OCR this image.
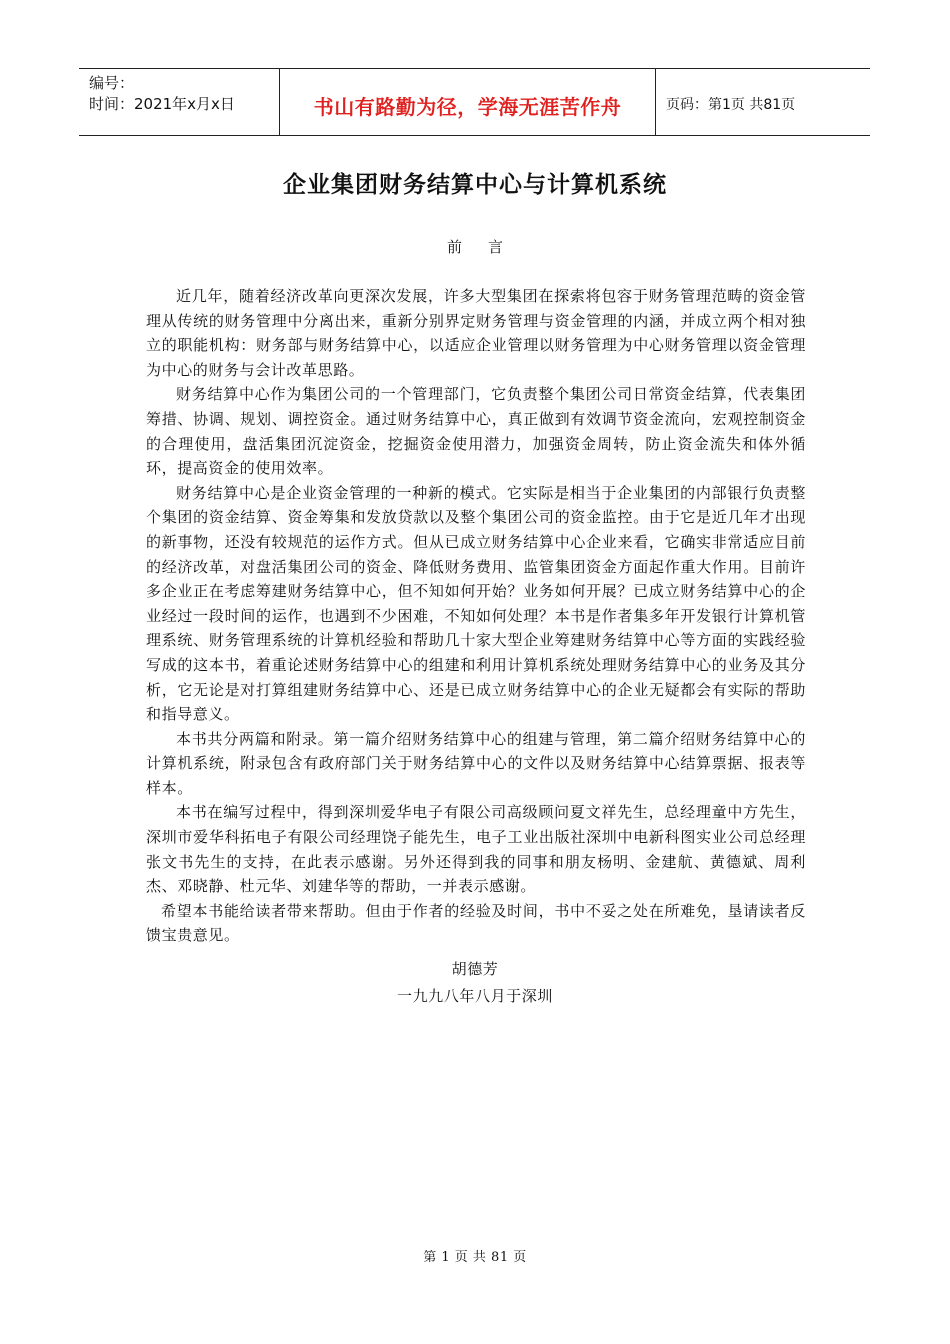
编号：
时间：2021年x月x日	书山有路勤为径，学海无涯苦作舟	页码：第1页 共81页
企业集团财务结算中心与计算机系统
前言

近几年，随着经济改革向更深次发展，许多大型集团在探索将包容于财务管理范畴的资金管理从传统的财务管理中分离出来，重新分别界定财务管理与资金管理的内涵，并成立两个相对独立的职能机构：财务部与财务结算中心，以适应企业管理以财务管理为中心财务管理以资金管理为中心的财务与会计改革思路。

财务结算中心作为集团公司的一个管理部门，它负责整个集团公司日常资金结算，代表集团筹措、协调、规划、调控资金。通过财务结算中心，真正做到有效调节资金流向，宏观控制资金的合理使用，盘活集团沉淀资金，挖掘资金使用潜力，加强资金周转，防止资金流失和体外循环，提高资金的使用效率。

财务结算中心是企业资金管理的一种新的模式。它实际是相当于企业集团的内部银行负责整个集团的资金结算、资金筹集和发放贷款以及整个集团公司的资金监控。由于它是近几年才出现的新事物，还没有较规范的运作方式。但从已成立财务结算中心企业来看，它确实非常适应目前的经济改革，对盘活集团公司的资金、降低财务费用、监管集团资金方面起作重大作用。目前许多企业正在考虑筹建财务结算中心，但不知如何开始？业务如何开展？已成立财务结算中心的企业经过一段时间的运作，也遇到不少困难，不知如何处理？本书是作者集多年开发银行计算机管理系统、财务管理系统的计算机经验和帮助几十家大型企业筹建财务结算中心等方面的实践经验写成的这本书，着重论述财务结算中心的组建和利用计算机系统处理财务结算中心的业务及其分析，它无论是对打算组建财务结算中心、还是已成立财务结算中心的企业无疑都会有实际的帮助和指导意义。

本书共分两篇和附录。第一篇介绍财务结算中心的组建与管理，第二篇介绍财务结算中心的计算机系统，附录包含有政府部门关于财务结算中心的文件以及财务结算中心结算票据、报表等样本。

本书在编写过程中，得到深圳爱华电子有限公司高级顾问夏文祥先生，总经理童中方先生，深圳市爱华科拓电子有限公司经理饶子能先生，电子工业出版社深圳中电新科图实业公司总经理张文书先生的支持，在此表示感谢。另外还得到我的同事和朋友杨明、金建航、黄德斌、周利杰、邓晓静、杜元华、刘建华等的帮助，一并表示感谢。

希望本书能给读者带来帮助。但由于作者的经验及时间，书中不妥之处在所难免，垦请读者反馈宝贵意见。

胡德芳
一九九八年八月于深圳
第 1 页 共 81 页
